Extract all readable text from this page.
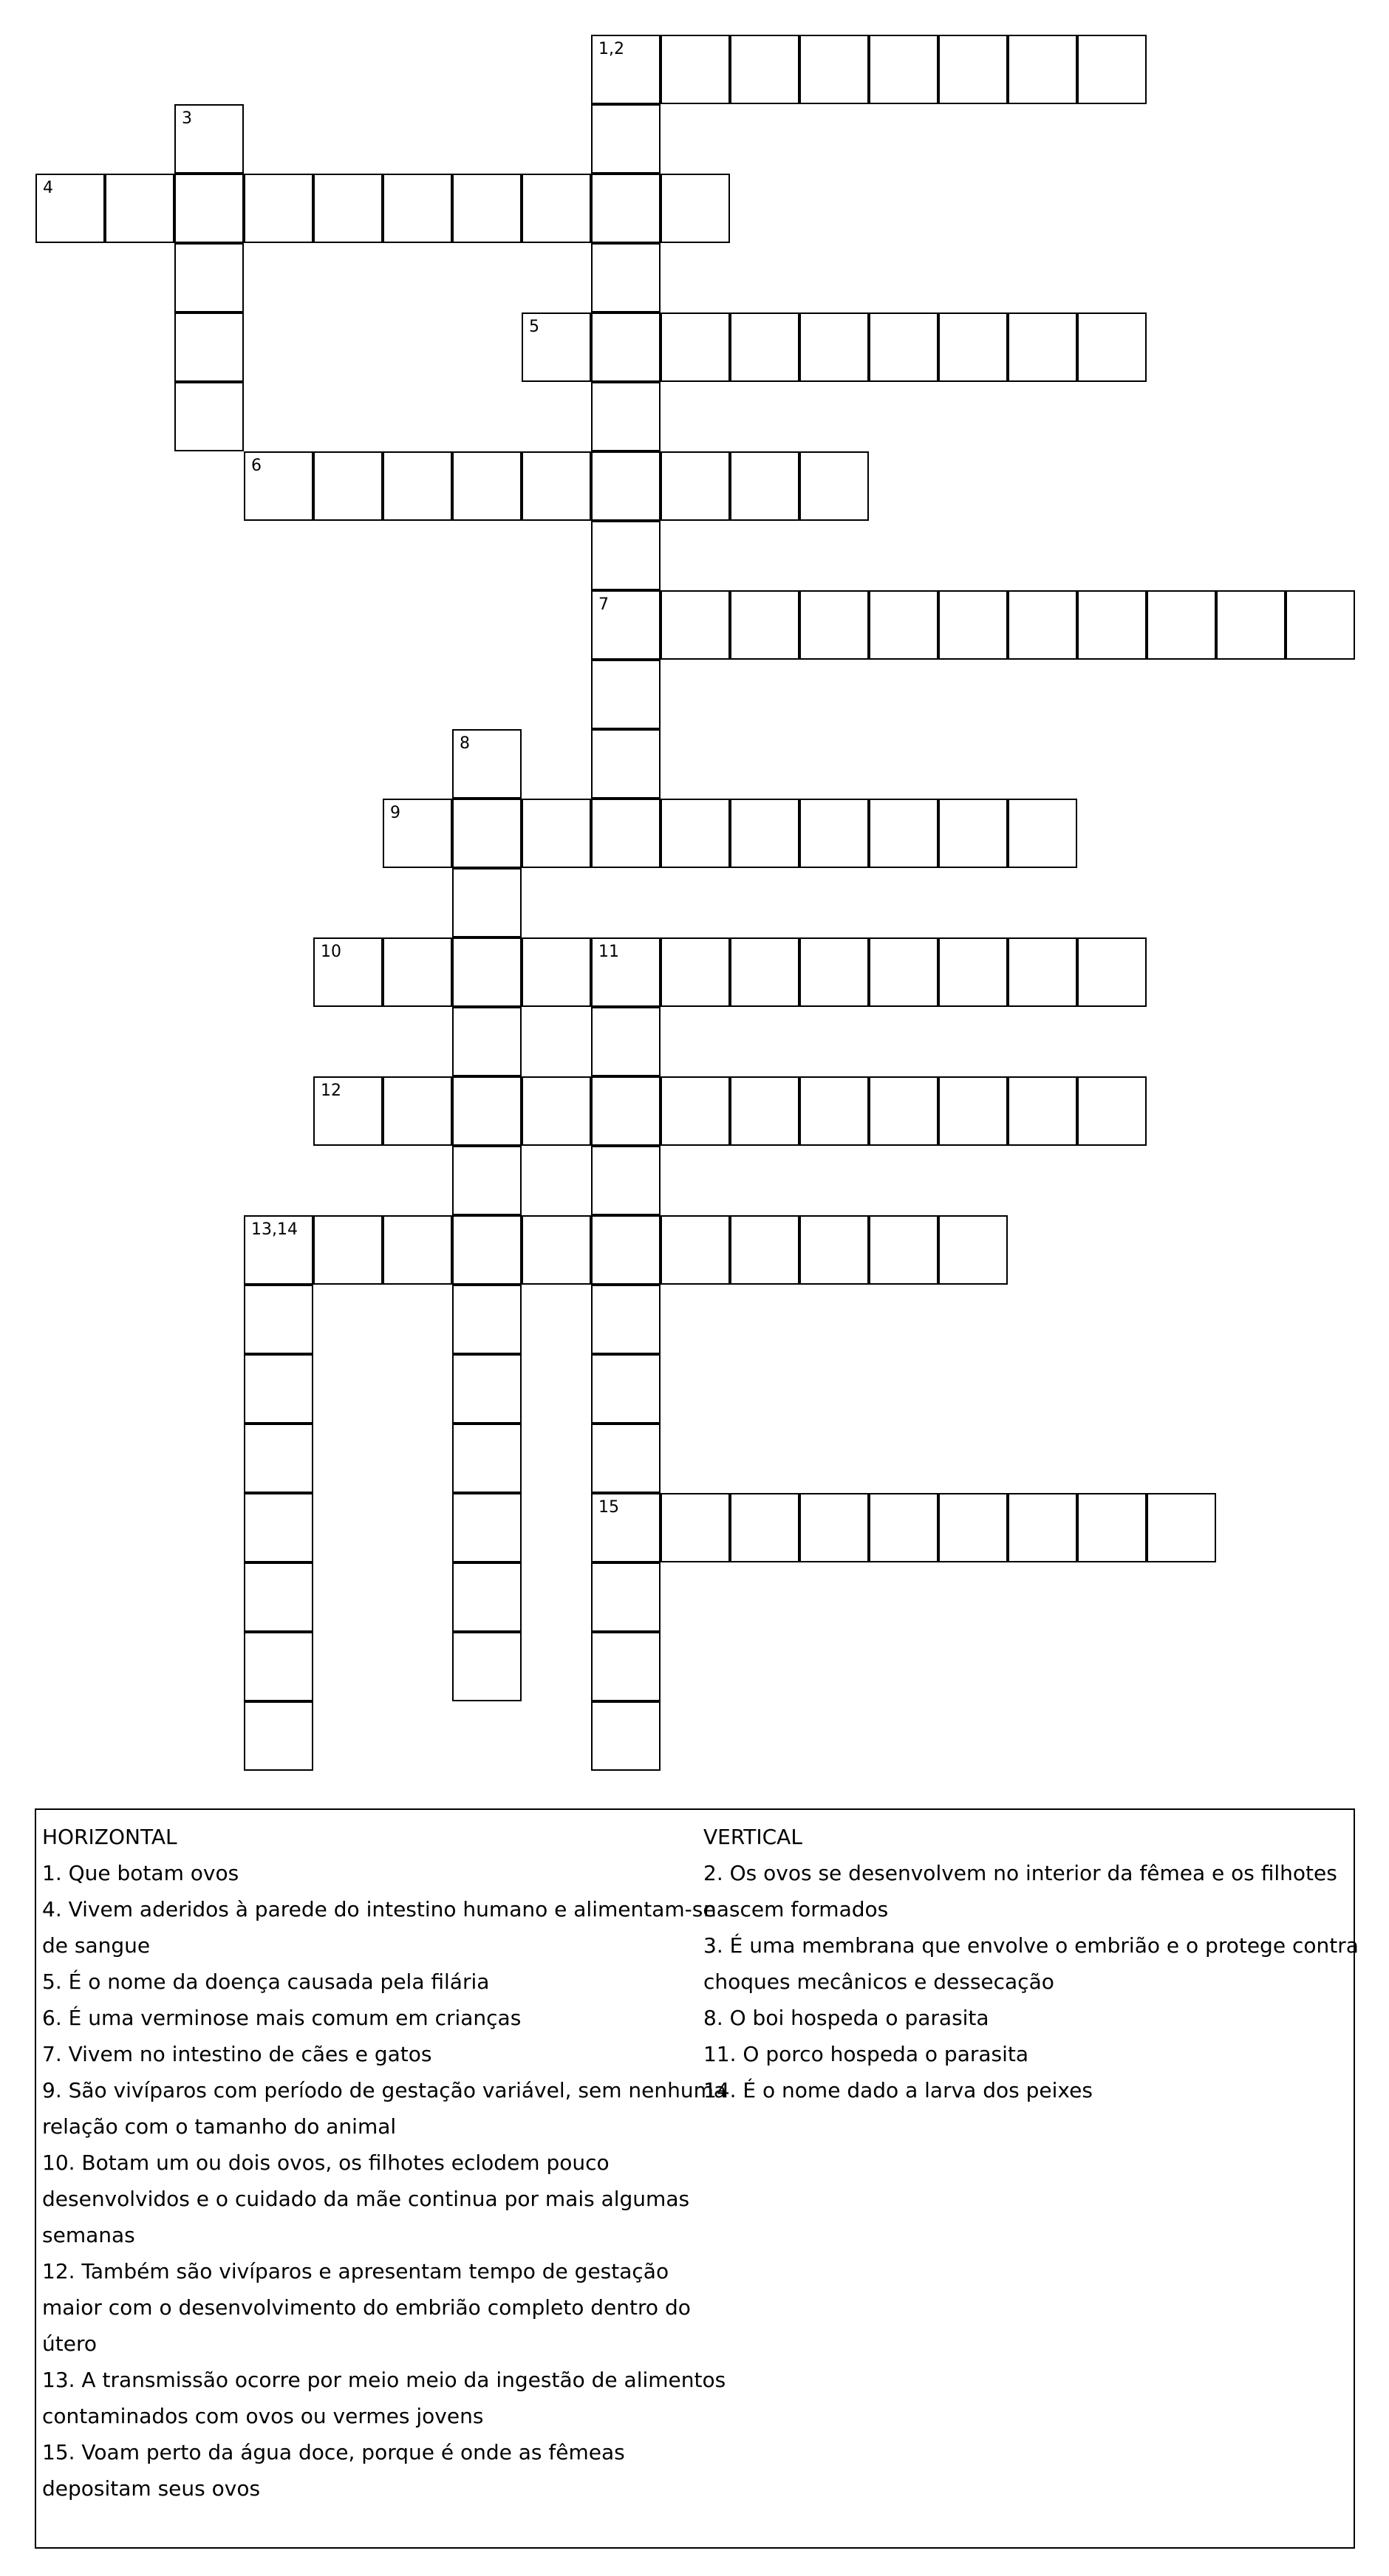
1,2
3
4
5
6
7
8
9
10	11
12
13,14
15
HORIZONTAL
1. Que botam ovos
4. Vivem aderidos à parede do intestino humano e alimentam-se
de sangue
5. É o nome da doença causada pela filária
6. É uma verminose mais comum em crianças
7. Vivem no intestino de cães e gatos
9. São vivíparos com período de gestação variável, sem nenhuma
relação com o tamanho do animal
10. Botam um ou dois ovos, os filhotes eclodem pouco
desenvolvidos e o cuidado da mãe continua por mais algumas
semanas
12. Também são vivíparos e apresentam tempo de gestação
maior com o desenvolvimento do embrião completo dentro do
útero
13. A transmissão ocorre por meio meio da ingestão de alimentos
contaminados com ovos ou vermes jovens
15. Voam perto da água doce, porque é onde as fêmeas
depositam seus ovos
VERTICAL
2. Os ovos se desenvolvem no interior da fêmea e os filhotes
nascem formados
3. É uma membrana que envolve o embrião e o protege contra
choques mecânicos e dessecação
8. O boi hospeda o parasita
11. O porco hospeda o parasita
14. É o nome dado a larva dos peixes
